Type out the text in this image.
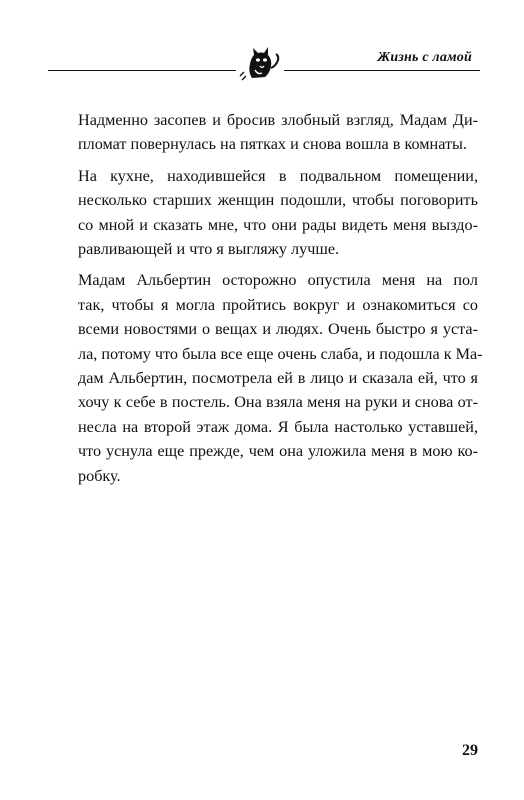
Жизнь с ламой

Надменно засопев и бросив злобный взгляд, Мадам Ди-
пломат повернулась на пятках и снова вошла в комнаты.

На кухне, находившейся в подвальном помещении,
несколько старших женщин подошли, чтобы поговорить
со мной и сказать мне, что они рады видеть меня выздо-
равливающей и что я выгляжу лучше.

Мадам Альбертин осторожно опустила меня на пол
так, чтобы я могла пройтись вокруг и ознакомиться со
всеми новостями о вещах и людях. Очень быстро я уста-
ла, потому что была все еще очень слаба, и подошла к Ма-
дам Альбертин, посмотрела ей в лицо и сказала ей, что я
хочу к себе в постель. Она взяла меня на руки и снова от-
несла на второй этаж дома. Я была настолько уставшей,
что уснула еще прежде, чем она уложила меня в мою ко-
робку.

29
